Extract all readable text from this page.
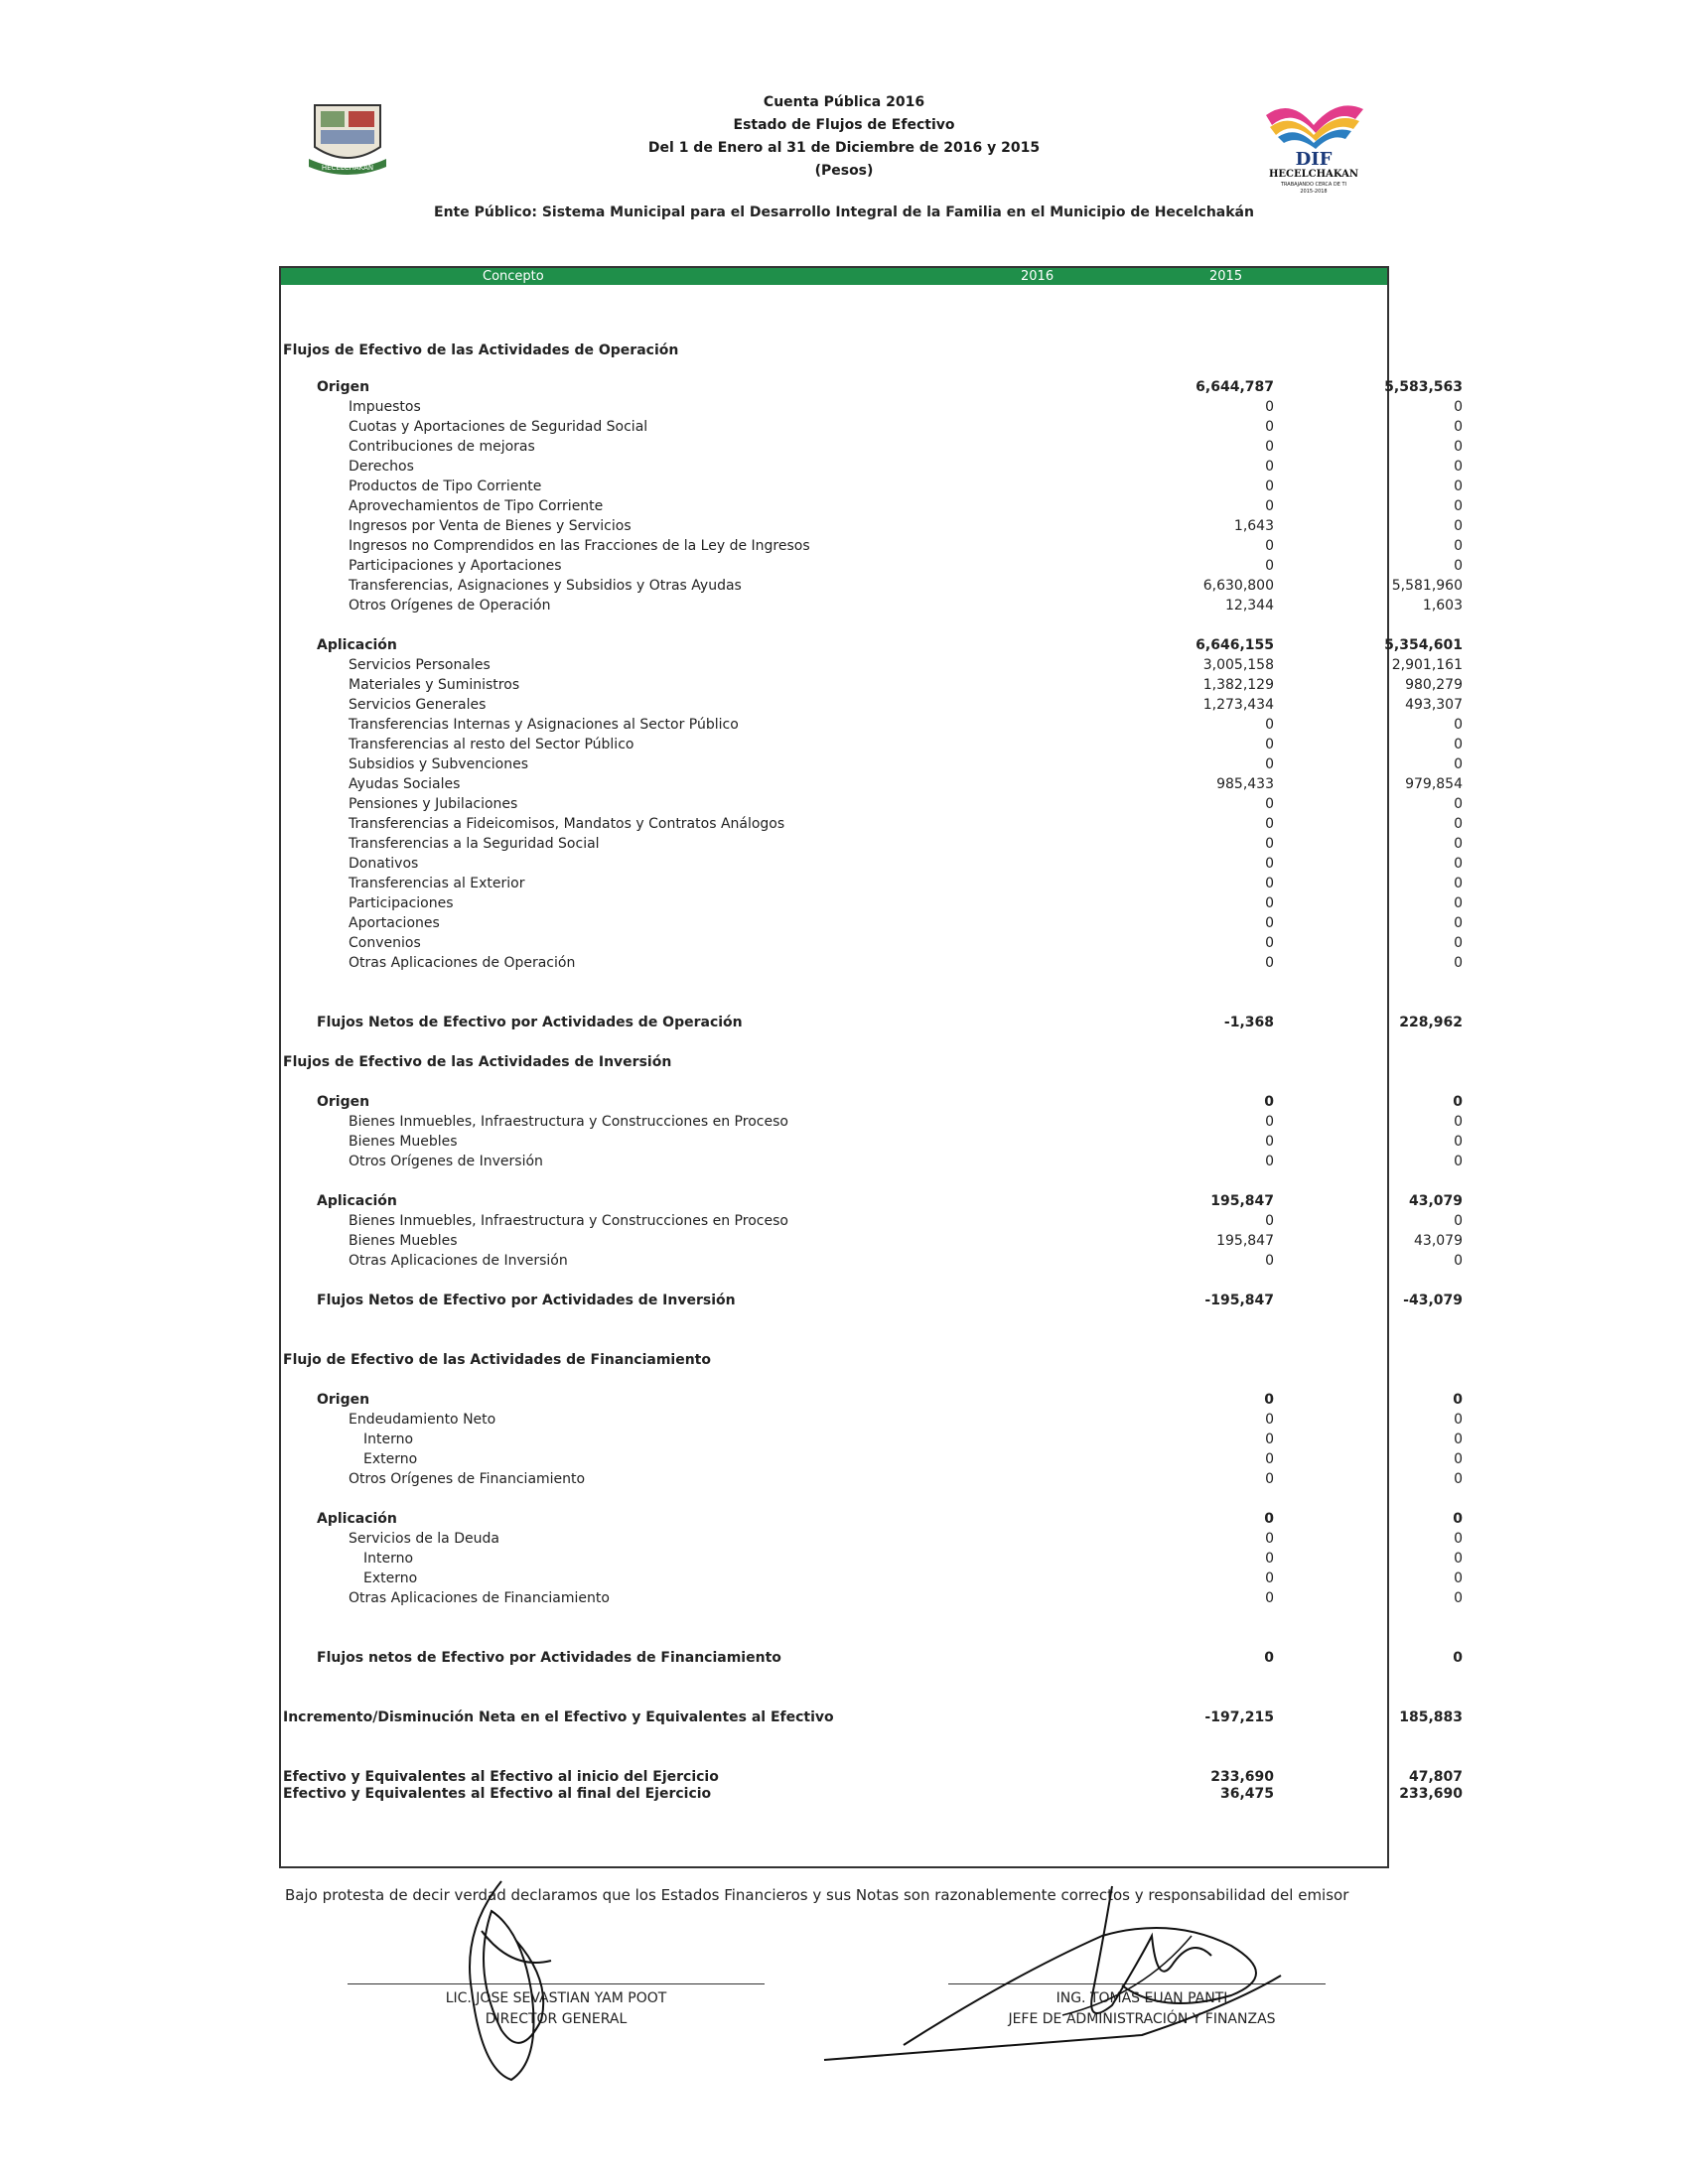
Cuenta Pública 2016
Estado de Flujos de Efectivo
Del 1 de Enero al 31 de Diciembre de 2016 y 2015
(Pesos)
Ente Público: Sistema Municipal para el Desarrollo Integral de la Familia en el Municipio de Hecelchakán
HECELCHAKAN	DIF
HECELCHAKAN
TRABAJANDO CERCA DE TI
2015-2018
Concepto	2016	2015
Flujos de Efectivo de las Actividades de Operación
Origen	6,644,787	5,583,563
Impuestos	0	0
Cuotas y Aportaciones de Seguridad Social	0	0
Contribuciones de mejoras	0	0
Derechos	0	0
Productos de Tipo Corriente	0	0
Aprovechamientos de Tipo Corriente	0	0
Ingresos por Venta de Bienes y Servicios	1,643	0
Ingresos no Comprendidos en las Fracciones de la Ley de Ingresos	0	0
Participaciones y Aportaciones	0	0
Transferencias, Asignaciones y Subsidios y Otras Ayudas	6,630,800	5,581,960
Otros Orígenes de Operación	12,344	1,603
Aplicación	6,646,155	5,354,601
Servicios Personales	3,005,158	2,901,161
Materiales y Suministros	1,382,129	980,279
Servicios Generales	1,273,434	493,307
Transferencias Internas y Asignaciones al Sector Público	0	0
Transferencias al resto del Sector Público	0	0
Subsidios y Subvenciones	0	0
Ayudas Sociales	985,433	979,854
Pensiones y Jubilaciones	0	0
Transferencias a Fideicomisos, Mandatos y Contratos Análogos	0	0
Transferencias a la Seguridad Social	0	0
Donativos	0	0
Transferencias al Exterior	0	0
Participaciones	0	0
Aportaciones	0	0
Convenios	0	0
Otras Aplicaciones de Operación	0	0
Flujos Netos de Efectivo por Actividades de Operación	-1,368	228,962
Flujos de Efectivo de las Actividades de Inversión
Origen	0	0
Bienes Inmuebles, Infraestructura y Construcciones en Proceso	0	0
Bienes Muebles	0	0
Otros Orígenes de Inversión	0	0
Aplicación	195,847	43,079
Bienes Inmuebles, Infraestructura y Construcciones en Proceso	0	0
Bienes Muebles	195,847	43,079
Otras Aplicaciones de Inversión	0	0
Flujos Netos de Efectivo por Actividades de Inversión	-195,847	-43,079
Flujo de Efectivo de las Actividades de Financiamiento
Origen	0	0
Endeudamiento Neto	0	0
Interno	0	0
Externo	0	0
Otros Orígenes de Financiamiento	0	0
Aplicación	0	0
Servicios de la Deuda	0	0
Interno	0	0
Externo	0	0
Otras Aplicaciones de Financiamiento	0	0
Flujos netos de Efectivo por Actividades de Financiamiento	0	0
Incremento/Disminución Neta en el Efectivo y Equivalentes al Efectivo	-197,215	185,883
Efectivo y Equivalentes al Efectivo al inicio del Ejercicio	233,690	47,807
Efectivo y Equivalentes al Efectivo al final del Ejercicio	36,475	233,690
Bajo protesta de decir verdad declaramos que los Estados Financieros y sus Notas son razonablemente correctos y responsabilidad del emisor
LIC. JOSE SEVASTIAN YAM POOT
DIRECTOR GENERAL
ING. TOMAS EUAN PANTI
JEFE DE ADMINISTRACIÓN Y FINANZAS
